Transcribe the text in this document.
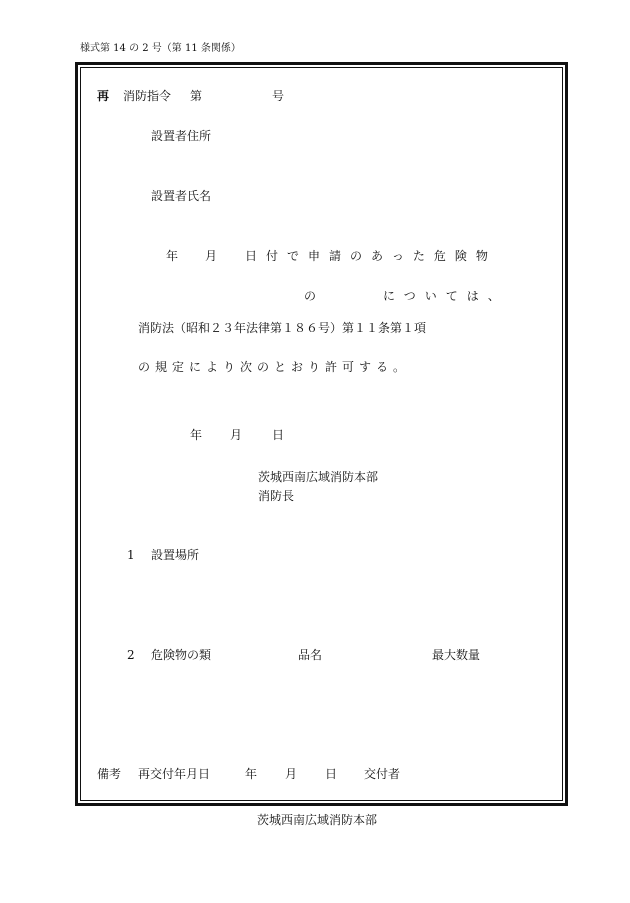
様式第 14 の 2 号（第 11 条関係）
再 消防指令 第	号
設置者住所
設置者氏名
年 月 日付で申請のあった危険物
の	については、
消防法（昭和２３年法律第１８６号）第１１条第１項
の規定により次のとおり許可する。
年 月 日
茨城西南広域消防本部
消防長
1 設置場所
2 危険物の類	品名	最大数量
備考 再交付年月日	年 月 日 交付者
茨城西南広域消防本部
